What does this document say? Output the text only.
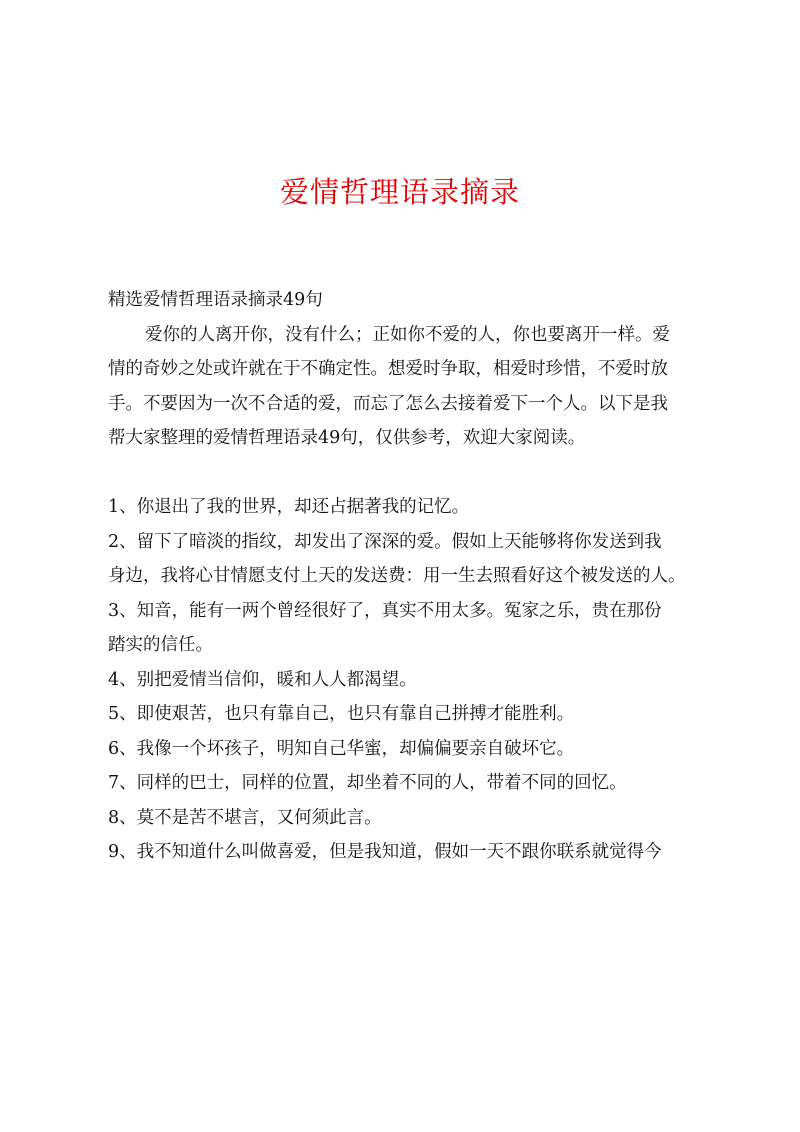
爱情哲理语录摘录
精选爱情哲理语录摘录49句
爱你的人离开你，没有什么；正如你不爱的人，你也要离开一样。爱
情的奇妙之处或许就在于不确定性。想爱时争取，相爱时珍惜，不爱时放
手。不要因为一次不合适的爱，而忘了怎么去接着爱下一个人。以下是我
帮大家整理的爱情哲理语录49句，仅供参考，欢迎大家阅读。
1、你退出了我的世界，却还占据著我的记忆。
2、留下了暗淡的指纹，却发出了深深的爱。假如上天能够将你发送到我
身边，我将心甘情愿支付上天的发送费：用一生去照看好这个被发送的人。
3、知音，能有一两个曾经很好了，真实不用太多。冤家之乐，贵在那份
踏实的信任。
4、别把爱情当信仰，暖和人人都渴望。
5、即使艰苦，也只有靠自己，也只有靠自己拼搏才能胜利。
6、我像一个坏孩子，明知自己华蜜，却偏偏要亲自破坏它。
7、同样的巴士，同样的位置，却坐着不同的人，带着不同的回忆。
8、莫不是苦不堪言，又何须此言。
9、我不知道什么叫做喜爱，但是我知道，假如一天不跟你联系就觉得今
